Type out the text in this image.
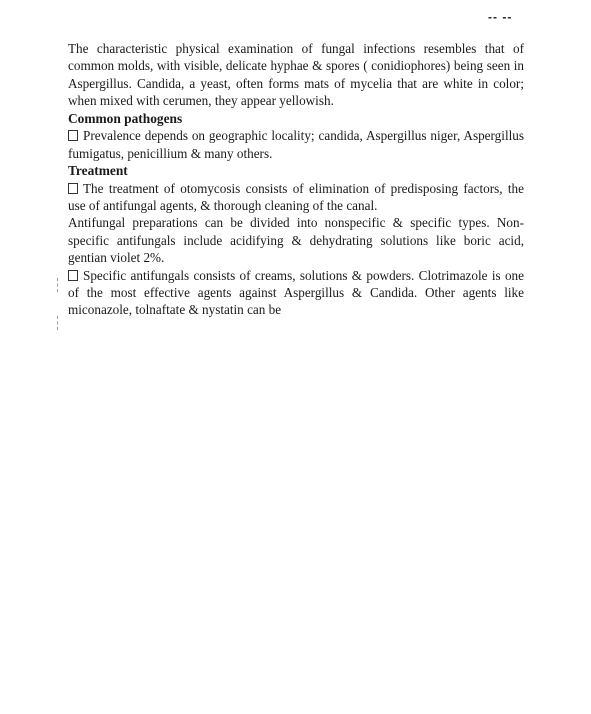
-- --

The characteristic physical examination of fungal infections resembles that of common molds, with visible, delicate hyphae & spores ( conidiophores) being seen in Aspergillus. Candida, a yeast, often forms mats of mycelia that are white in color; when mixed with cerumen, they appear yellowish.

Common pathogens

Prevalence depends on geographic locality; candida, Aspergillus niger, Aspergillus fumigatus, penicillium & many others.

Treatment

The treatment of otomycosis consists of elimination of predisposing factors, the use of antifungal agents, & thorough cleaning of the canal.

Antifungal preparations can be divided into nonspecific & specific types. Non-specific antifungals include acidifying & dehydrating solutions like boric acid, gentian violet 2%.

Specific antifungals consists of creams, solutions & powders. Clotrimazole is one of the most effective agents against Aspergillus & Candida. Other agents like miconazole, tolnaftate & nystatin can be
